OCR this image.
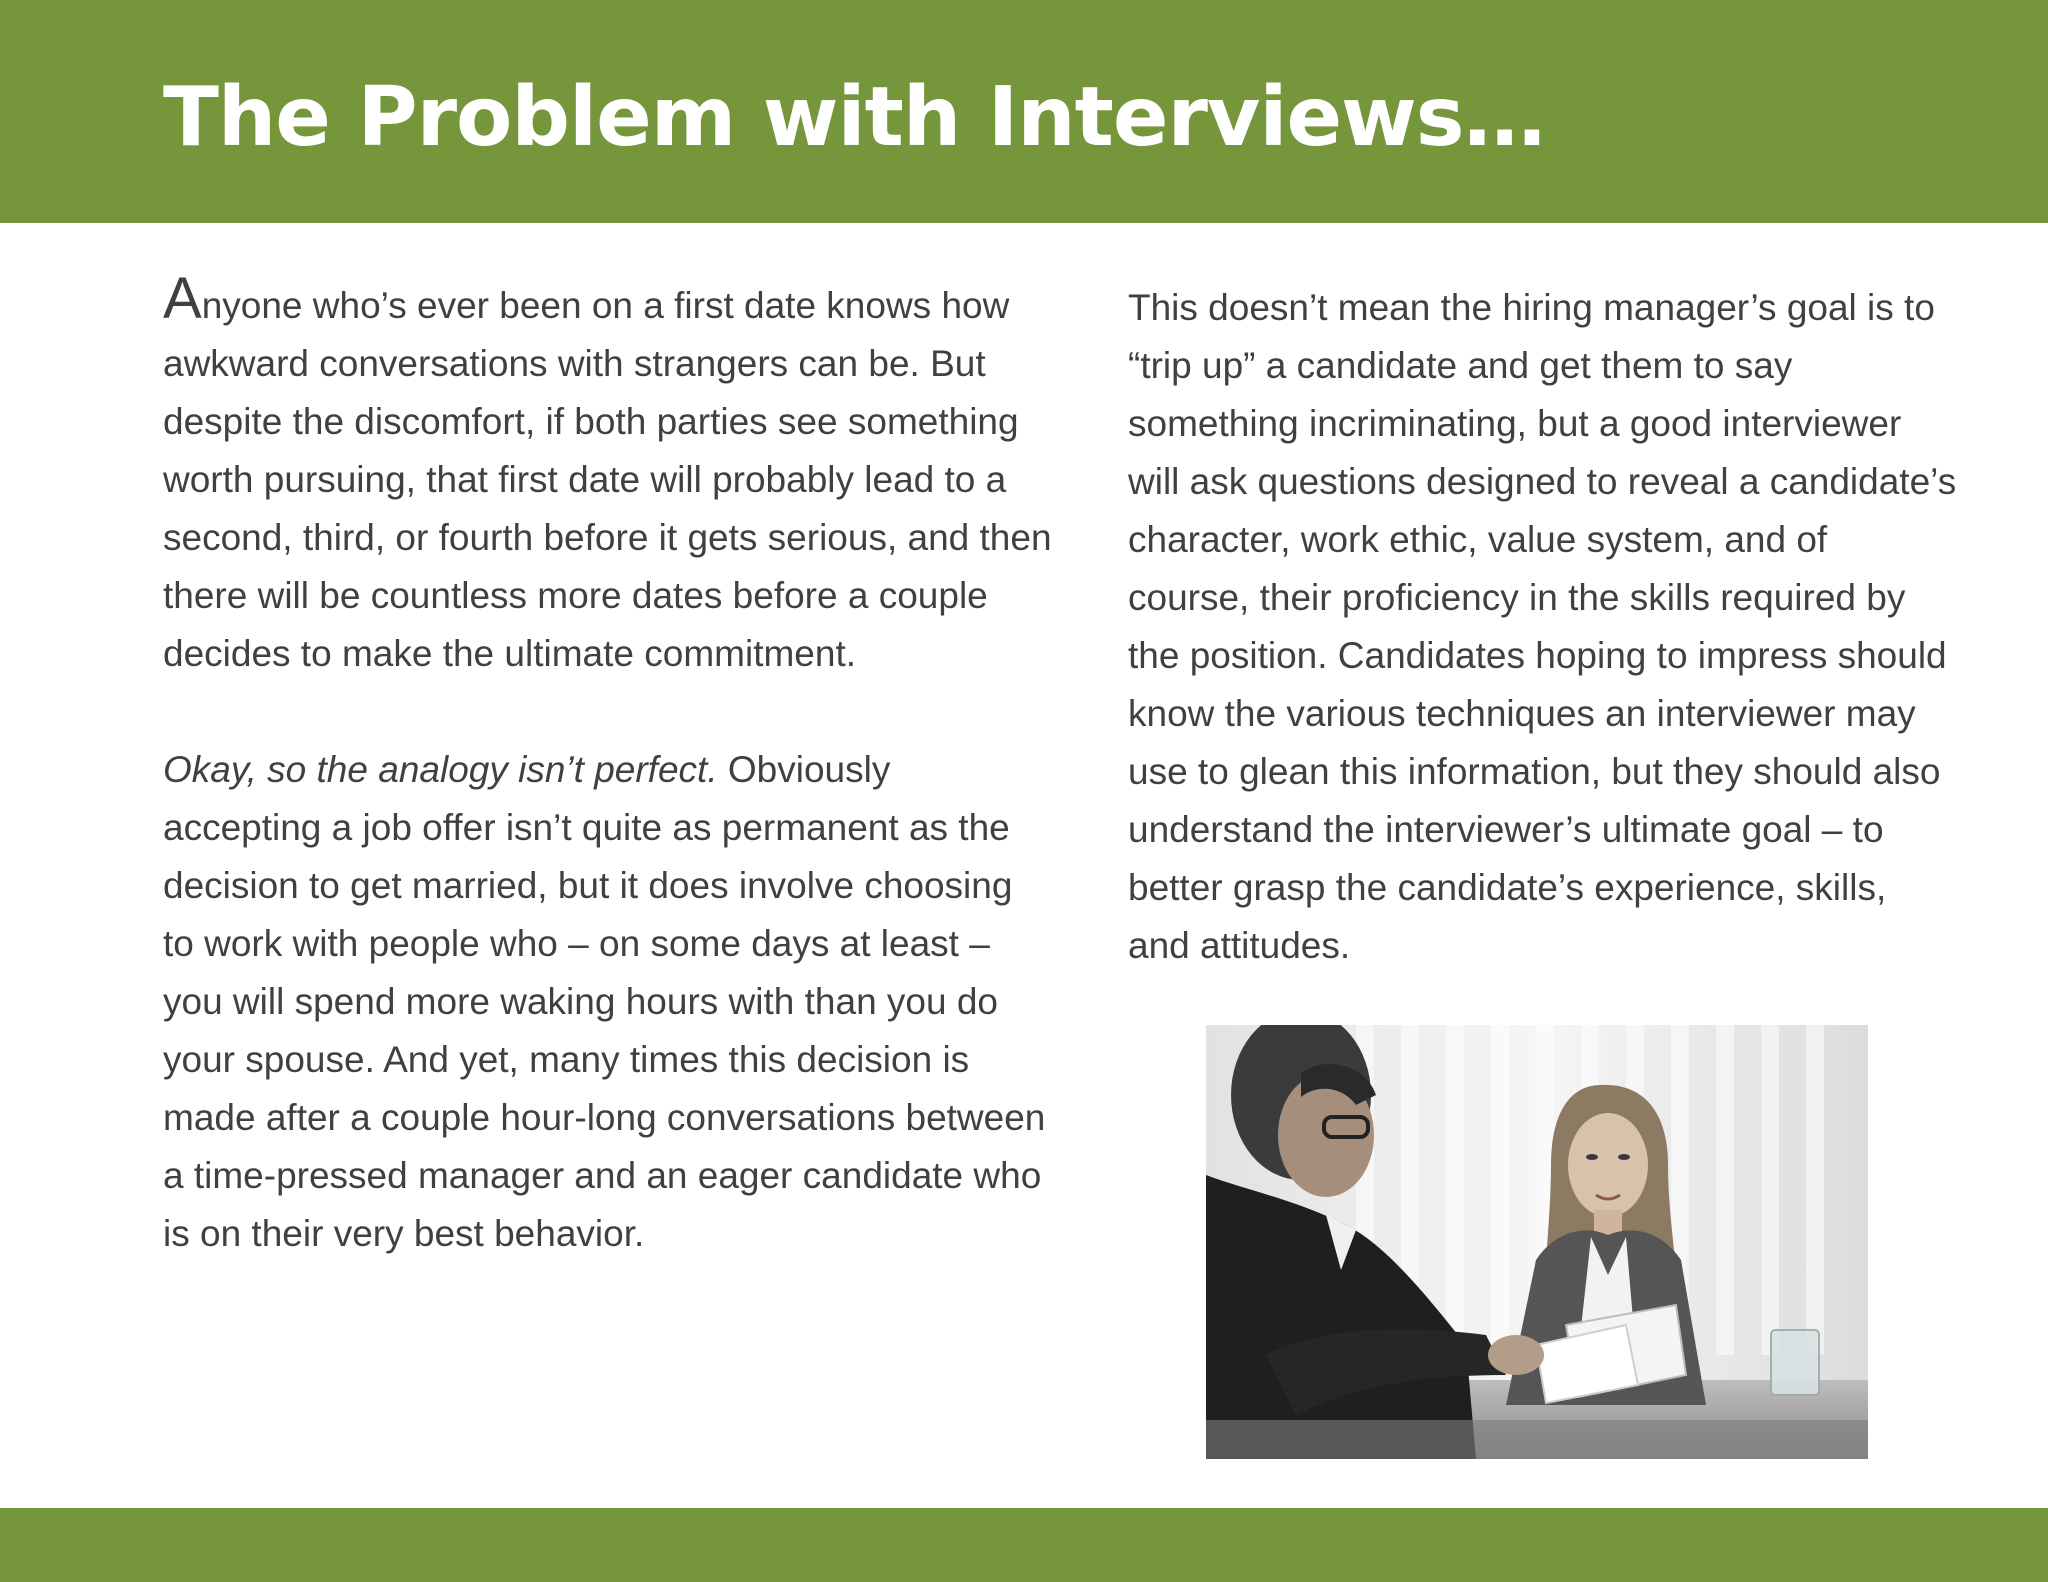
The Problem with Interviews…

Anyone who’s ever been on a first date knows how awkward conversations with strangers can be. But despite the discomfort, if both parties see something worth pursuing, that first date will probably lead to a second, third, or fourth before it gets serious, and then there will be countless more dates before a couple decides to make the ultimate commitment.

Okay, so the analogy isn’t perfect. Obviously accepting a job offer isn’t quite as permanent as the decision to get married, but it does involve choosing to work with people who – on some days at least – you will spend more waking hours with than you do your spouse. And yet, many times this decision is made after a couple hour-long conversations between a time-pressed manager and an eager candidate who is on their very best behavior.

This doesn’t mean the hiring manager’s goal is to “trip up” a candidate and get them to say something incriminating, but a good interviewer will ask questions designed to reveal a candidate’s character, work ethic, value system, and of course, their proficiency in the skills required by the position. Candidates hoping to impress should know the various techniques an interviewer may use to glean this information, but they should also understand the interviewer’s ultimate goal – to better grasp the candidate’s experience, skills, and attitudes.
